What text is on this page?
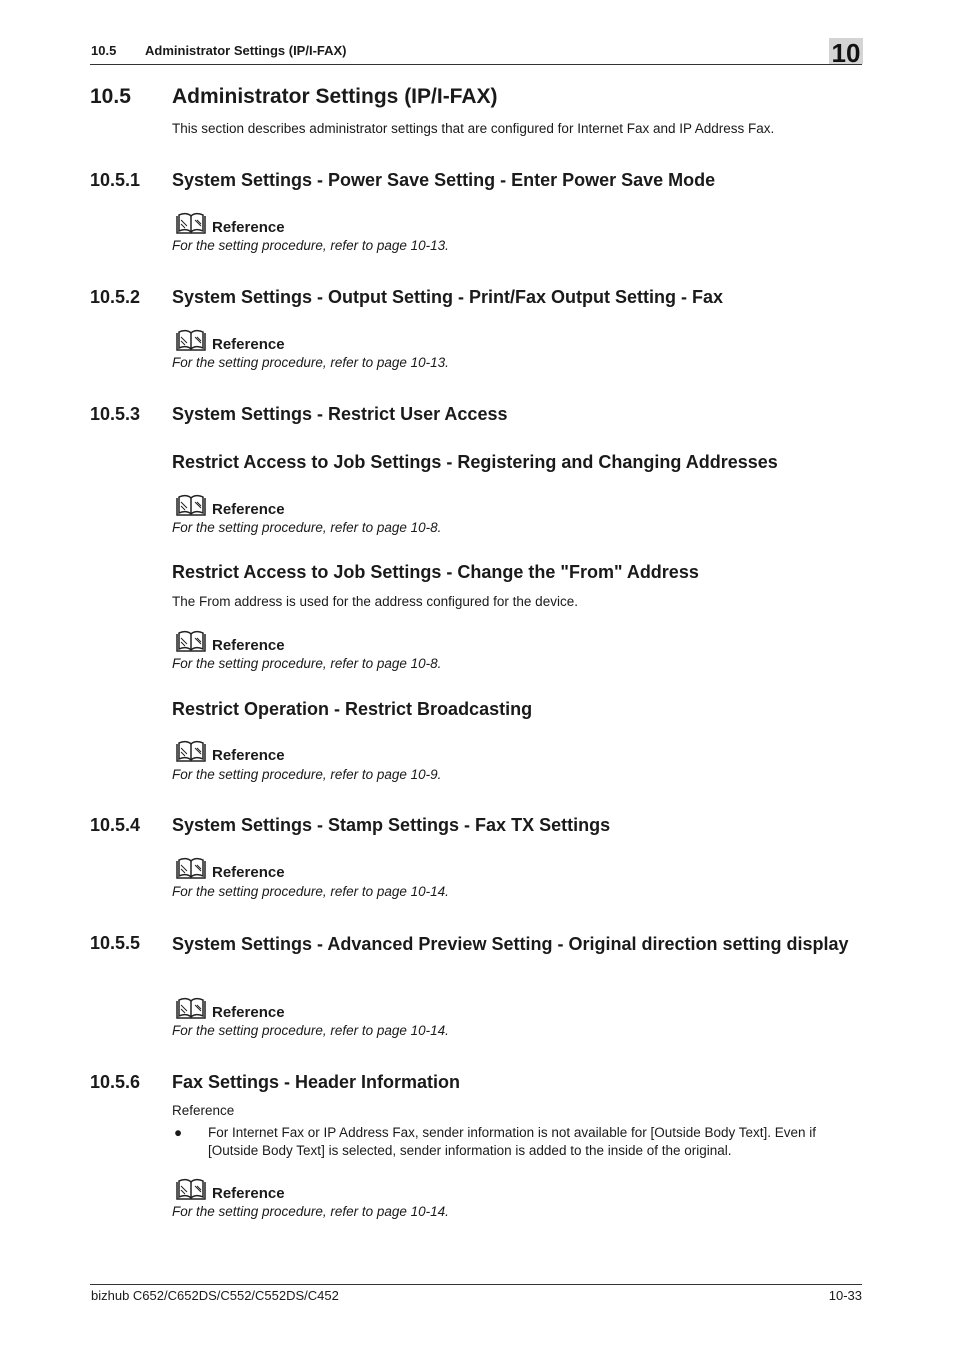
10.5 Administrator Settings (IP/I-FAX)	10
10.5 Administrator Settings (IP/I-FAX)
This section describes administrator settings that are configured for Internet Fax and IP Address Fax.
10.5.1 System Settings - Power Save Setting - Enter Power Save Mode
Reference
For the setting procedure, refer to page 10-13.
10.5.2 System Settings - Output Setting - Print/Fax Output Setting - Fax
Reference
For the setting procedure, refer to page 10-13.
10.5.3 System Settings - Restrict User Access
Restrict Access to Job Settings - Registering and Changing Addresses
Reference
For the setting procedure, refer to page 10-8.
Restrict Access to Job Settings - Change the "From" Address
The From address is used for the address configured for the device.
Reference
For the setting procedure, refer to page 10-8.
Restrict Operation - Restrict Broadcasting
Reference
For the setting procedure, refer to page 10-9.
10.5.4 System Settings - Stamp Settings - Fax TX Settings
Reference
For the setting procedure, refer to page 10-14.
10.5.5 System Settings - Advanced Preview Setting - Original direction setting display
Reference
For the setting procedure, refer to page 10-14.
10.5.6 Fax Settings - Header Information
Reference
● For Internet Fax or IP Address Fax, sender information is not available for [Outside Body Text]. Even if [Outside Body Text] is selected, sender information is added to the inside of the original.
Reference
For the setting procedure, refer to page 10-14.
bizhub C652/C652DS/C552/C552DS/C452	10-33
